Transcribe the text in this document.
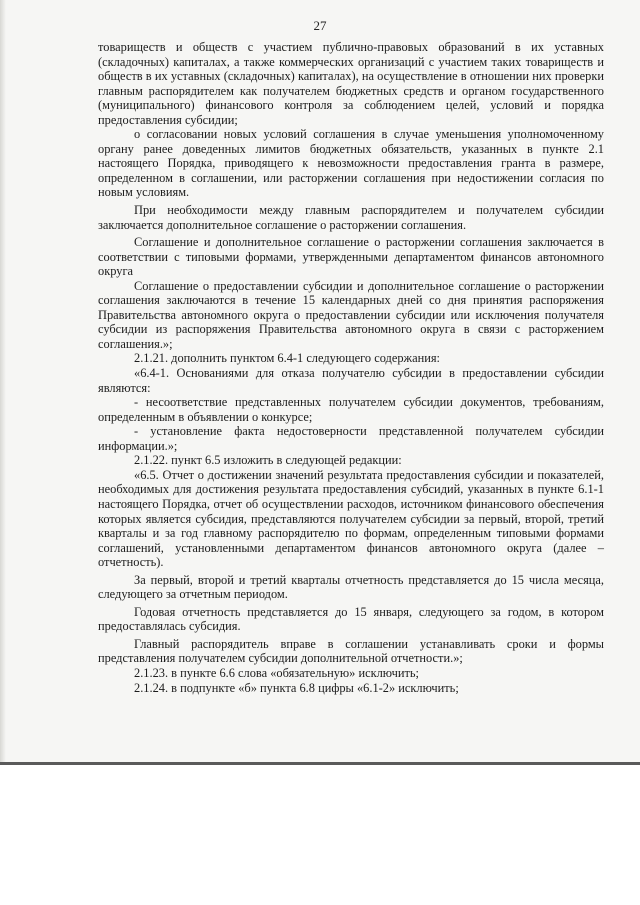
27

товариществ и обществ с участием публично-правовых образований в их уставных (складочных) капиталах, а также коммерческих организаций с участием таких товариществ и обществ в их уставных (складочных) капиталах), на осуществление в отношении них проверки главным распорядителем как получателем бюджетных средств и органом государственного (муниципального) финансового контроля за соблюдением целей, условий и порядка предоставления субсидии;

о согласовании новых условий соглашения в случае уменьшения уполномоченному органу ранее доведенных лимитов бюджетных обязательств, указанных в пункте 2.1 настоящего Порядка, приводящего к невозможности предоставления гранта в размере, определенном в соглашении, или расторжении соглашения при недостижении согласия по новым условиям.

При необходимости между главным распорядителем и получателем субсидии заключается дополнительное соглашение о расторжении соглашения.

Соглашение и дополнительное соглашение о расторжении соглашения заключается в соответствии с типовыми формами, утвержденными департаментом финансов автономного округа

Соглашение о предоставлении субсидии и дополнительное соглашение о расторжении соглашения заключаются в течение 15 календарных дней со дня принятия распоряжения Правительства автономного округа о предоставлении субсидии или исключения получателя субсидии из распоряжения Правительства автономного округа в связи с расторжением соглашения.»;

2.1.21. дополнить пунктом 6.4-1 следующего содержания:

«6.4-1. Основаниями для отказа получателю субсидии в предоставлении субсидии являются:

- несоответствие представленных получателем субсидии документов, требованиям, определенным в объявлении о конкурсе;

- установление факта недостоверности представленной получателем субсидии информации.»;

2.1.22. пункт 6.5 изложить в следующей редакции:

«6.5. Отчет о достижении значений результата предоставления субсидии и показателей, необходимых для достижения результата предоставления субсидий, указанных в пункте 6.1-1 настоящего Порядка, отчет об осуществлении расходов, источником финансового обеспечения которых является субсидия, представляются получателем субсидии за первый, второй, третий кварталы и за год главному распорядителю по формам, определенным типовыми формами соглашений, установленными департаментом финансов автономного округа (далее – отчетность).

За первый, второй и третий кварталы отчетность представляется до 15 числа месяца, следующего за отчетным периодом.

Годовая отчетность представляется до 15 января, следующего за годом, в котором предоставлялась субсидия.

Главный распорядитель вправе в соглашении устанавливать сроки и формы представления получателем субсидии дополнительной отчетности.»;

2.1.23. в пункте 6.6 слова «обязательную» исключить;

2.1.24. в подпункте «б» пункта 6.8 цифры «6.1-2» исключить;
